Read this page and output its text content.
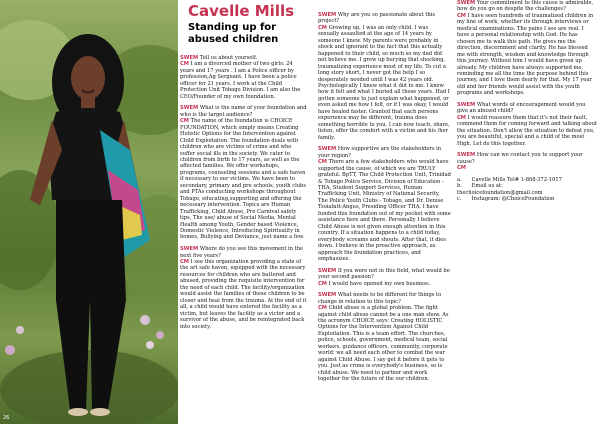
26
Cavelle Mills
Standing up for abused children

SWEM Tell us about yourself.
CM I am a divorced mother of two girls: 24 years and 17 years . I am a Police officer by profession,Ag Sergeant. I have been a police officer for 21 years. I work at the Child Protection Unit Tobago Division. I am also the CEO/Founder of my own foundation.

SWEM What is the name of your foundation and who is the target audience?
CM The name of the foundation is CHOICE FOUNDATION, which simply means Creating Holistic Options for the Intervention against Child Exploitation. The foundation deals with children who are victims of crime and who suffer social ills in the society. We cater to children from birth to 17 years, as well as the affected families. We offer workshops, programs, counseling sessions and a safe haven if necessary to our victims. We have been to secondary, primary and pre schools, youth clubs and PTAs conducting workshops throughout Tobago, educating,supporting and offering the necessary intervention. Topics are Human Trafficking, Child Abuse, Pre Carnival safety tips, The use/ abuse of Social Media, Mental Health among Youth, Gender based Violence, Domestic Violence, Introducing Spirituality in homes, Bullying and Deviance, just name a few.

SWEM Where do you see this movement in the next five years?
CM I see this organization providing a state of the art safe haven, equipped with the necessary resources for children who are battered and abused, providing the requisite intervention for the need of each child. The facility/organization would assist the families of these children to be closer and heal from the trauma. At the end of it all, a child would have entered the facility as a victim, but leaves the facility as a victor and a survivor of the abuse, and be reintegrated back into society.

SWEM Why are you so passionate about this project?
CM Growing up, I was an only child. I was sexually assaulted at the age of 14 years by someone I knew. My parents were probably in shock and ignorant to the fact that this actually happened to their child, so much so my dad did not believe me. I grew up burying that shocking, traumatizing experience most of my life. To cut a long story short, I never got the help I so desperately needed until I was 42 years old. Psychologically I knew what it did to me. I knew how it felt and what I buried all those years. Had I gotten someone to just explain what happened, or even asked me how I felt, or if I was okay, I would have healed faster. Granted that each persons experience may be different, trauma does something horrible to you. I can now teach, share, listen, offer the comfort with a victim and his /her family.

SWEM How supportive are the stakeholders in your region?
CM There are a few stakeholders who would have supported the cause, of which we are TRULY grateful. BpTT, The Child Protection Unit, Trinidad & Tobago Police Service, Division of Education - THA, Student Support Services, Human Trafficking Unit, Ministry of National Security, The Police Youth Clubs - Tobago, and Dr. Denise Tsoiafatt-Angus, Presiding Officer THA. I have funded this foundation out of my pocket with some assistance here and there. Personally I believe Child Abuse is not given enough attention in this country. If a situation happens to a child today, everybody screams and shouts. After that, it dies down. I believe in the proactive approach, as approach the foundation practices, and emphasizes.

SWEM If you were not in this field, what would be your second passion?
CM I would have opened my own business.

SWEM What needs to be different for things to change in relation to this topic?
CM Child abuse is a global problem. The fight against child abuse cannot be a one man show. As the acronym CHOICE says: Creating HOLISTIC Options for the Intervention Against Child Exploitation. This is a team effort. The churches, police, schools, government, medical team, social workers, guidance officers, community, corporate world: we all need each other to combat the war against Child Abuse. I say get it before it gets to you. Just as crime is everybody's business, so is child abuse. We need to partner and work together for the future of the our children.

SWEM Your commitment to this cause is admirable, how do you go on despite the challenges?
CM I have seen hundreds of traumatized children in my line of work, whether its through interviews or medical examinations. The pains I see are real. I have a personal relationship with God. He has chosen me to walk this path. He gives me the direction, discernment and clarity. He has blessed me with strength, wisdom and knowledge through this journey. Without him I would have given up already. My children have always supported me, reminding me all the time the purpose behind this journey, and I love them dearly for that. My 17 year old and her friends would assist with the youth programs and workshops.

SWEM What words of encouragement would you give an abused child?
CM I would reassure them that it's not their fault, commend them for coming forward and talking about the situation. Don't allow the situation to defeat you, you are beautiful, special and a child of the most High. Let do this together.

SWEM How can we contact you to support your cause?
CM

a. Cavelle Mills Tel# 1-868-372-1017
b. Email us at:
thechoicefoundation@gmail.com
c. Instagram: @ChoiceFoundation
